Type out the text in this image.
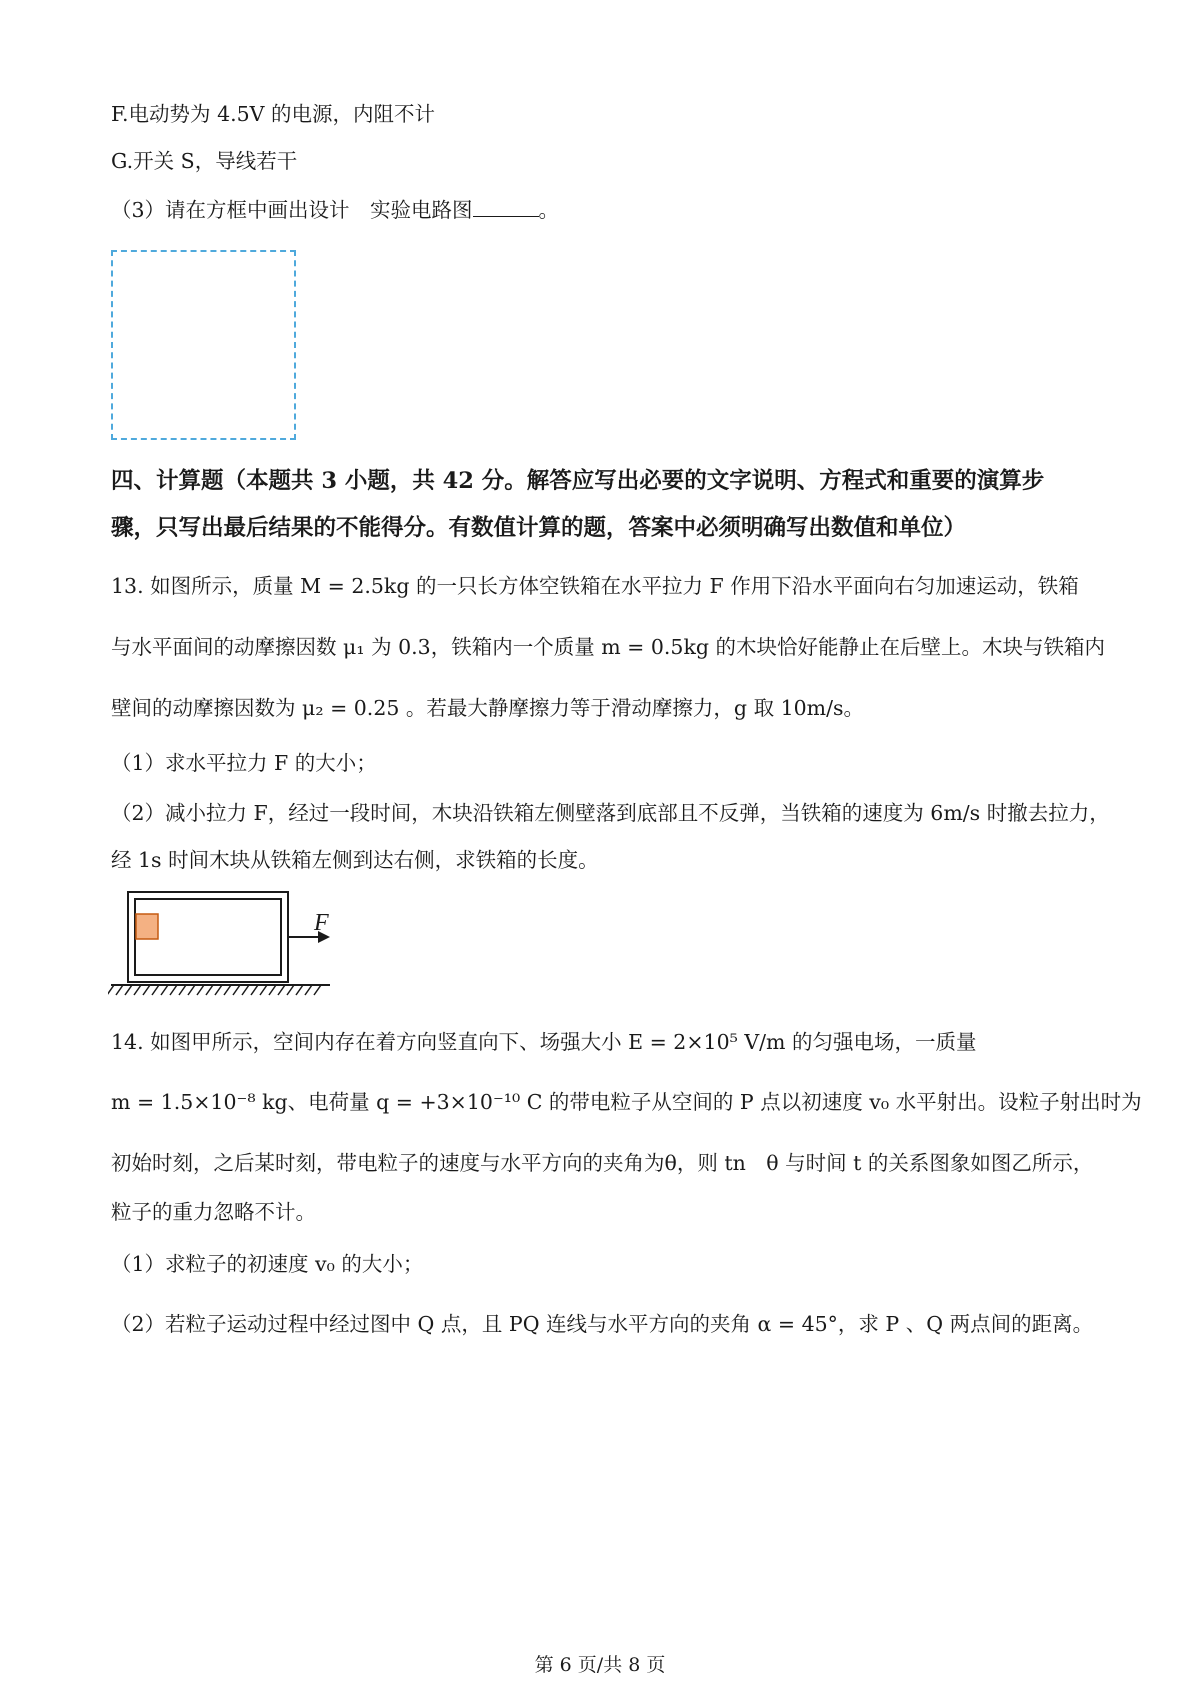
F.电动势为 4.5V 的电源，内阻不计
G.开关 S，导线若干
（3）请在方框中画出设计　实验电路图	。
四、计算题（本题共 3 小题，共 42 分。解答应写出必要的文字说明、方程式和重要的演算步
骤，只写出最后结果的不能得分。有数值计算的题，答案中必须明确写出数值和单位）
13. 如图所示，质量 M = 2.5kg 的一只长方体空铁箱在水平拉力 F 作用下沿水平面向右匀加速运动，铁箱
与水平面间的动摩擦因数 μ₁ 为 0.3，铁箱内一个质量 m = 0.5kg 的木块恰好能静止在后壁上。木块与铁箱内
壁间的动摩擦因数为 μ₂ = 0.25 。若最大静摩擦力等于滑动摩擦力，g 取 10m/s。
（1）求水平拉力 F 的大小；
（2）减小拉力 F，经过一段时间，木块沿铁箱左侧壁落到底部且不反弹，当铁箱的速度为 6m/s 时撤去拉力，
经 1s 时间木块从铁箱左侧到达右侧，求铁箱的长度。
F
14. 如图甲所示，空间内存在着方向竖直向下、场强大小 E = 2×10⁵ V/m 的匀强电场，一质量
m = 1.5×10⁻⁸ kg、电荷量 q = +3×10⁻¹⁰ C 的带电粒子从空间的 P 点以初速度 v₀ 水平射出。设粒子射出时为
初始时刻，之后某时刻，带电粒子的速度与水平方向的夹角为θ，则 tn　θ 与时间 t 的关系图象如图乙所示，
粒子的重力忽略不计。
（1）求粒子的初速度 v₀ 的大小；
（2）若粒子运动过程中经过图中 Q 点，且 PQ 连线与水平方向的夹角 α = 45°，求 P 、Q 两点间的距离。
第 6 页/共 8 页
